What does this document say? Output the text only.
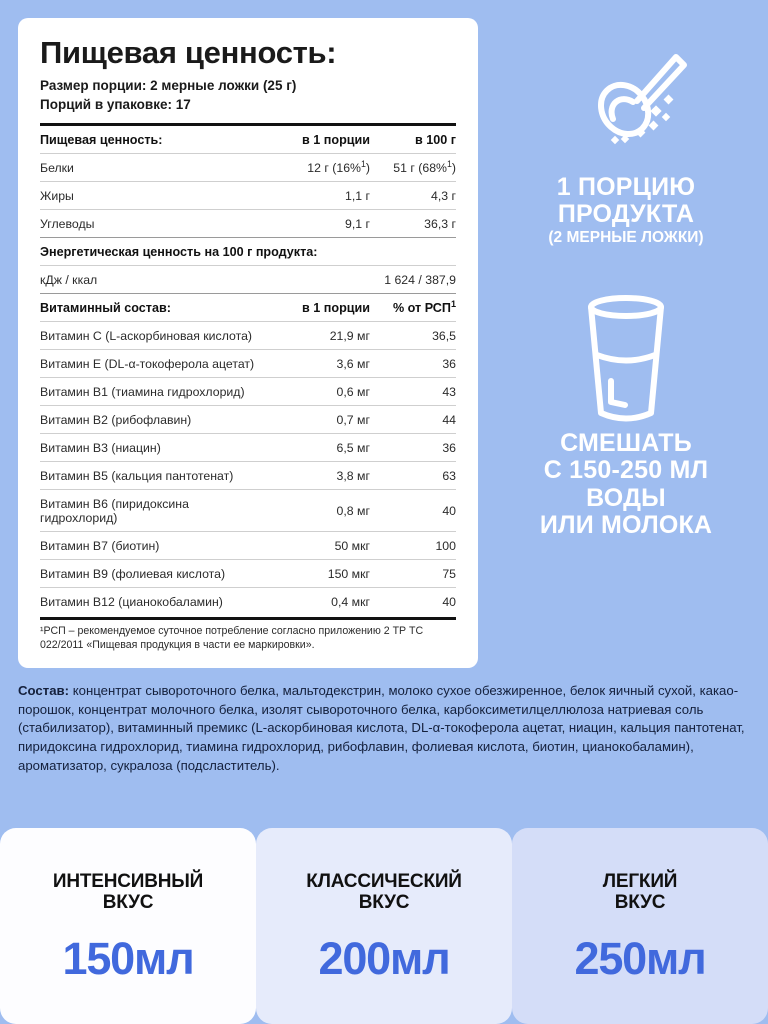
Пищевая ценность:
Размер порции: 2 мерные ложки (25 г)
Порций в упаковке: 17
Пищевая ценность:	в 1 порции	в 100 г
Белки	12 г (16%$^1$)	51 г (68%$^1$)
Жиры	1,1 г	4,3 г
Углеводы	9,1 г	36,3 г
Энергетическая ценность на 100 г продукта:		
кДж / ккал		1 624 / 387,9
Витаминный состав:	в 1 порции	% от РСП$^1$
Витамин C (L-аскорбиновая кислота)	21,9 мг	36,5
Витамин E (DL-α-токоферола ацетат)	3,6 мг	36
Витамин B1 (тиамина гидрохлорид)	0,6 мг	43
Витамин B2 (рибофлавин)	0,7 мг	44
Витамин B3 (ниацин)	6,5 мг	36
Витамин B5 (кальция пантотенат)	3,8 мг	63
Витамин B6 (пиридоксина гидрохлорид)	0,8 мг	40
Витамин B7 (биотин)	50 мкг	100
Витамин B9 (фолиевая кислота)	150 мкг	75
Витамин B12 (цианокобаламин)	0,4 мкг	40
¹РСП – рекомендуемое суточное потребление согласно приложению 2 ТР ТС 022/2011 «Пищевая продукция в части ее маркировки».
1 ПОРЦИЮ
ПРОДУКТА
(2 МЕРНЫЕ ЛОЖКИ)
СМЕШАТЬ
С 150-250 МЛ
ВОДЫ
ИЛИ МОЛОКА
Состав: концентрат сывороточного белка, мальтодекстрин, молоко сухое обезжиренное, белок яичный сухой, какао-порошок, концентрат молочного белка, изолят сывороточного белка, карбоксиметилцеллюлоза натриевая соль (стабилизатор), витаминный премикс (L-аскорбиновая кислота, DL-α-токоферола ацетат, ниацин, кальция пантотенат, пиридоксина гидрохлорид, тиамина гидрохлорид, рибофлавин, фолиевая кислота, биотин, цианокобаламин), ароматизатор, сукралоза (подсластитель).
ИНТЕНСИВНЫЙ
ВКУС
150мл
КЛАССИЧЕСКИЙ
ВКУС
200мл
ЛЕГКИЙ
ВКУС
250мл
